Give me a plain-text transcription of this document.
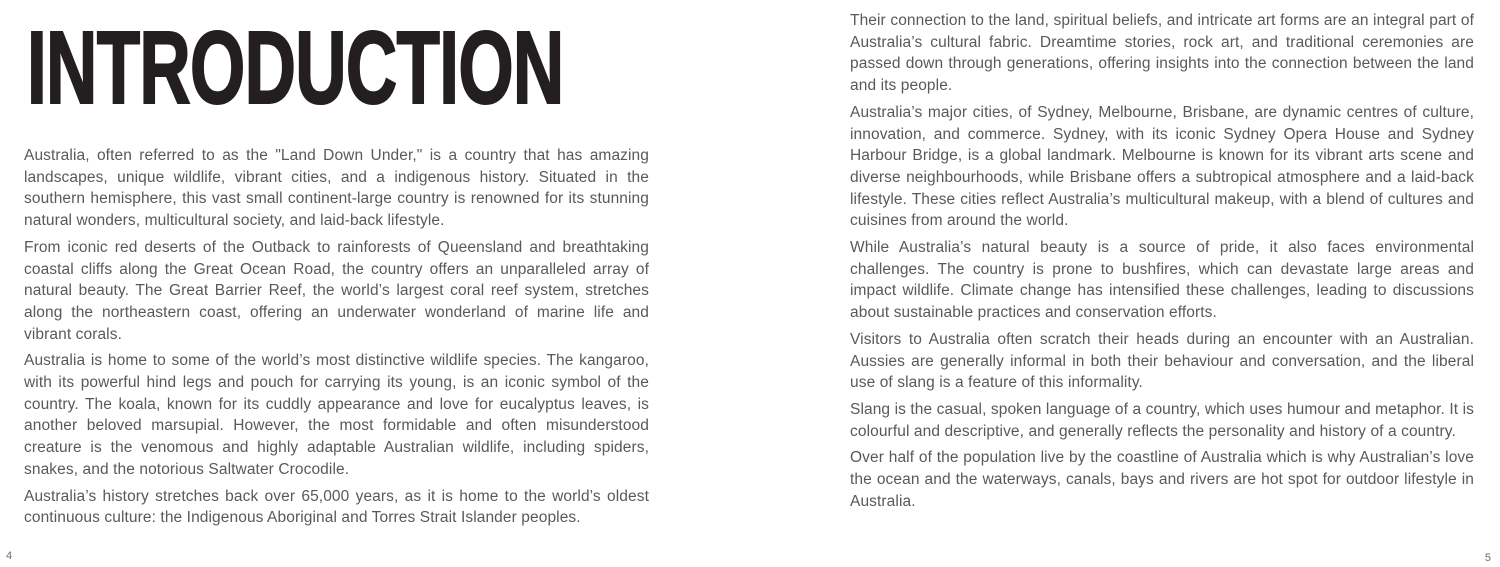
INTRODUCTION

Australia, often referred to as the "Land Down Under," is a country that has amazing landscapes, unique wildlife, vibrant cities, and a indigenous history. Situated in the southern hemisphere, this vast small continent-large country is renowned for its stunning natural wonders, multicultural society, and laid-back lifestyle.

From iconic red deserts of the Outback to rainforests of Queensland and breathtaking coastal cliffs along the Great Ocean Road, the country offers an unparalleled array of natural beauty. The Great Barrier Reef, the world’s largest coral reef system, stretches along the northeastern coast, offering an underwater wonderland of marine life and vibrant corals.

Australia is home to some of the world’s most distinctive wildlife species. The kangaroo, with its powerful hind legs and pouch for carrying its young, is an iconic symbol of the country. The koala, known for its cuddly appearance and love for eucalyptus leaves, is another beloved marsupial. However, the most formidable and often misunderstood creature is the venomous and highly adaptable Australian wildlife, including spiders, snakes, and the notorious Saltwater Crocodile.

Australia’s history stretches back over 65,000 years, as it is home to the world’s oldest continuous culture: the Indigenous Aboriginal and Torres Strait Islander peoples.

4

Their connection to the land, spiritual beliefs, and intricate art forms are an integral part of Australia’s cultural fabric. Dreamtime stories, rock art, and traditional ceremonies are passed down through generations, offering insights into the connection between the land and its people.

Australia’s major cities, of Sydney, Melbourne, Brisbane, are dynamic centres of culture, innovation, and commerce. Sydney, with its iconic Sydney Opera House and Sydney Harbour Bridge, is a global landmark. Melbourne is known for its vibrant arts scene and diverse neighbourhoods, while Brisbane offers a subtropical atmosphere and a laid-back lifestyle. These cities reflect Australia’s multicultural makeup, with a blend of cultures and cuisines from around the world.

While Australia’s natural beauty is a source of pride, it also faces environmental challenges. The country is prone to bushfires, which can devastate large areas and impact wildlife. Climate change has intensified these challenges, leading to discussions about sustainable practices and conservation efforts.

Visitors to Australia often scratch their heads during an encounter with an Australian. Aussies are generally informal in both their behaviour and conversation, and the liberal use of slang is a feature of this informality.

Slang is the casual, spoken language of a country, which uses humour and metaphor. It is colourful and descriptive, and generally reflects the personality and history of a country.

Over half of the population live by the coastline of Australia which is why Australian’s love the ocean and the waterways, canals, bays and rivers are hot spot for outdoor lifestyle in Australia.

5
